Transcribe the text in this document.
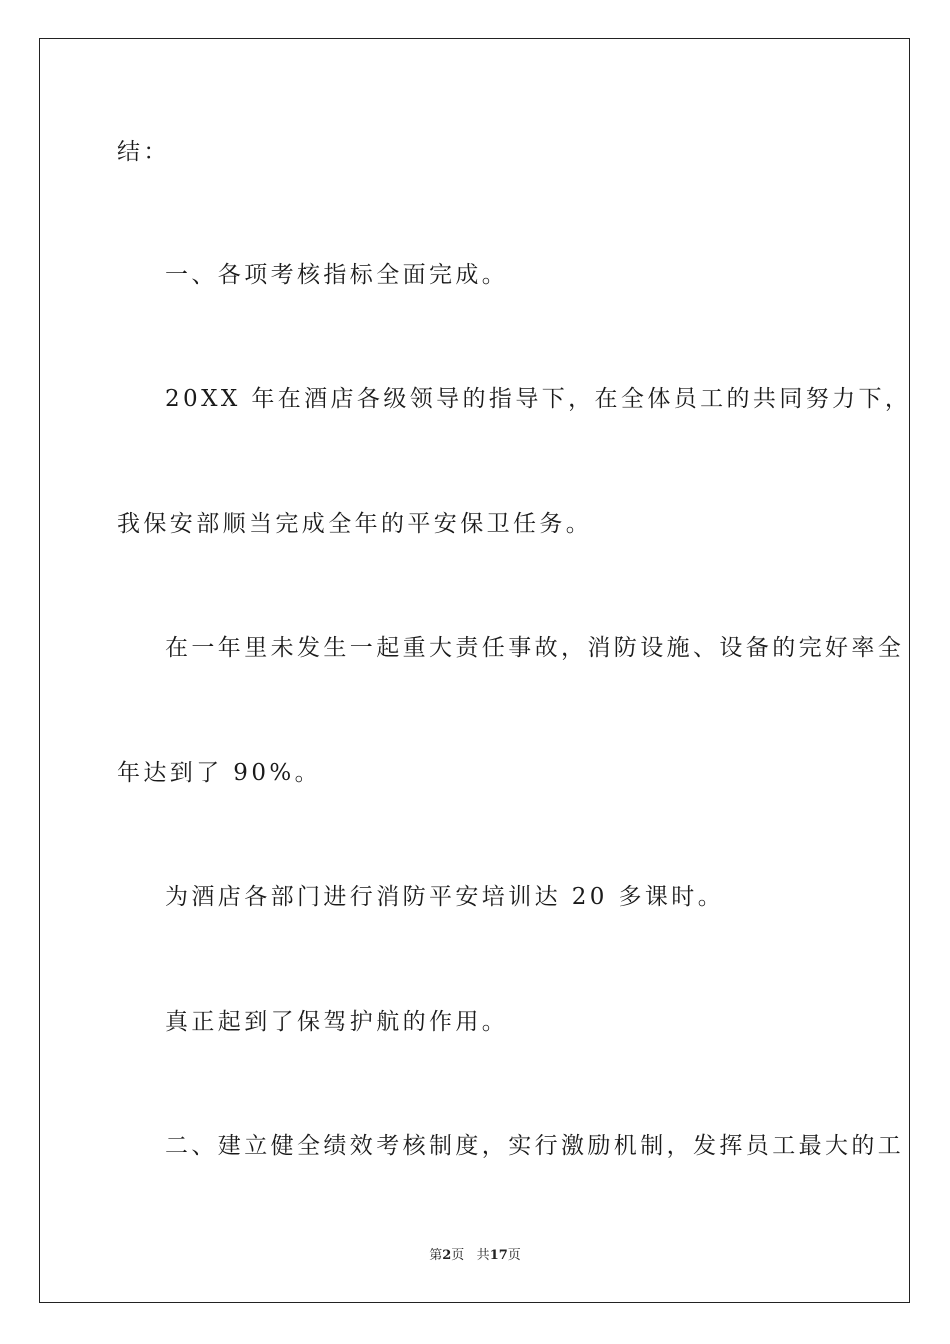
结：
一、各项考核指标全面完成。
20XX 年在酒店各级领导的指导下，在全体员工的共同努力下，
我保安部顺当完成全年的平安保卫任务。
在一年里未发生一起重大责任事故，消防设施、设备的完好率全
年达到了 90%。
为酒店各部门进行消防平安培训达 20 多课时。
真正起到了保驾护航的作用。
二、建立健全绩效考核制度，实行激励机制，发挥员工最大的工
第2页 共17页
